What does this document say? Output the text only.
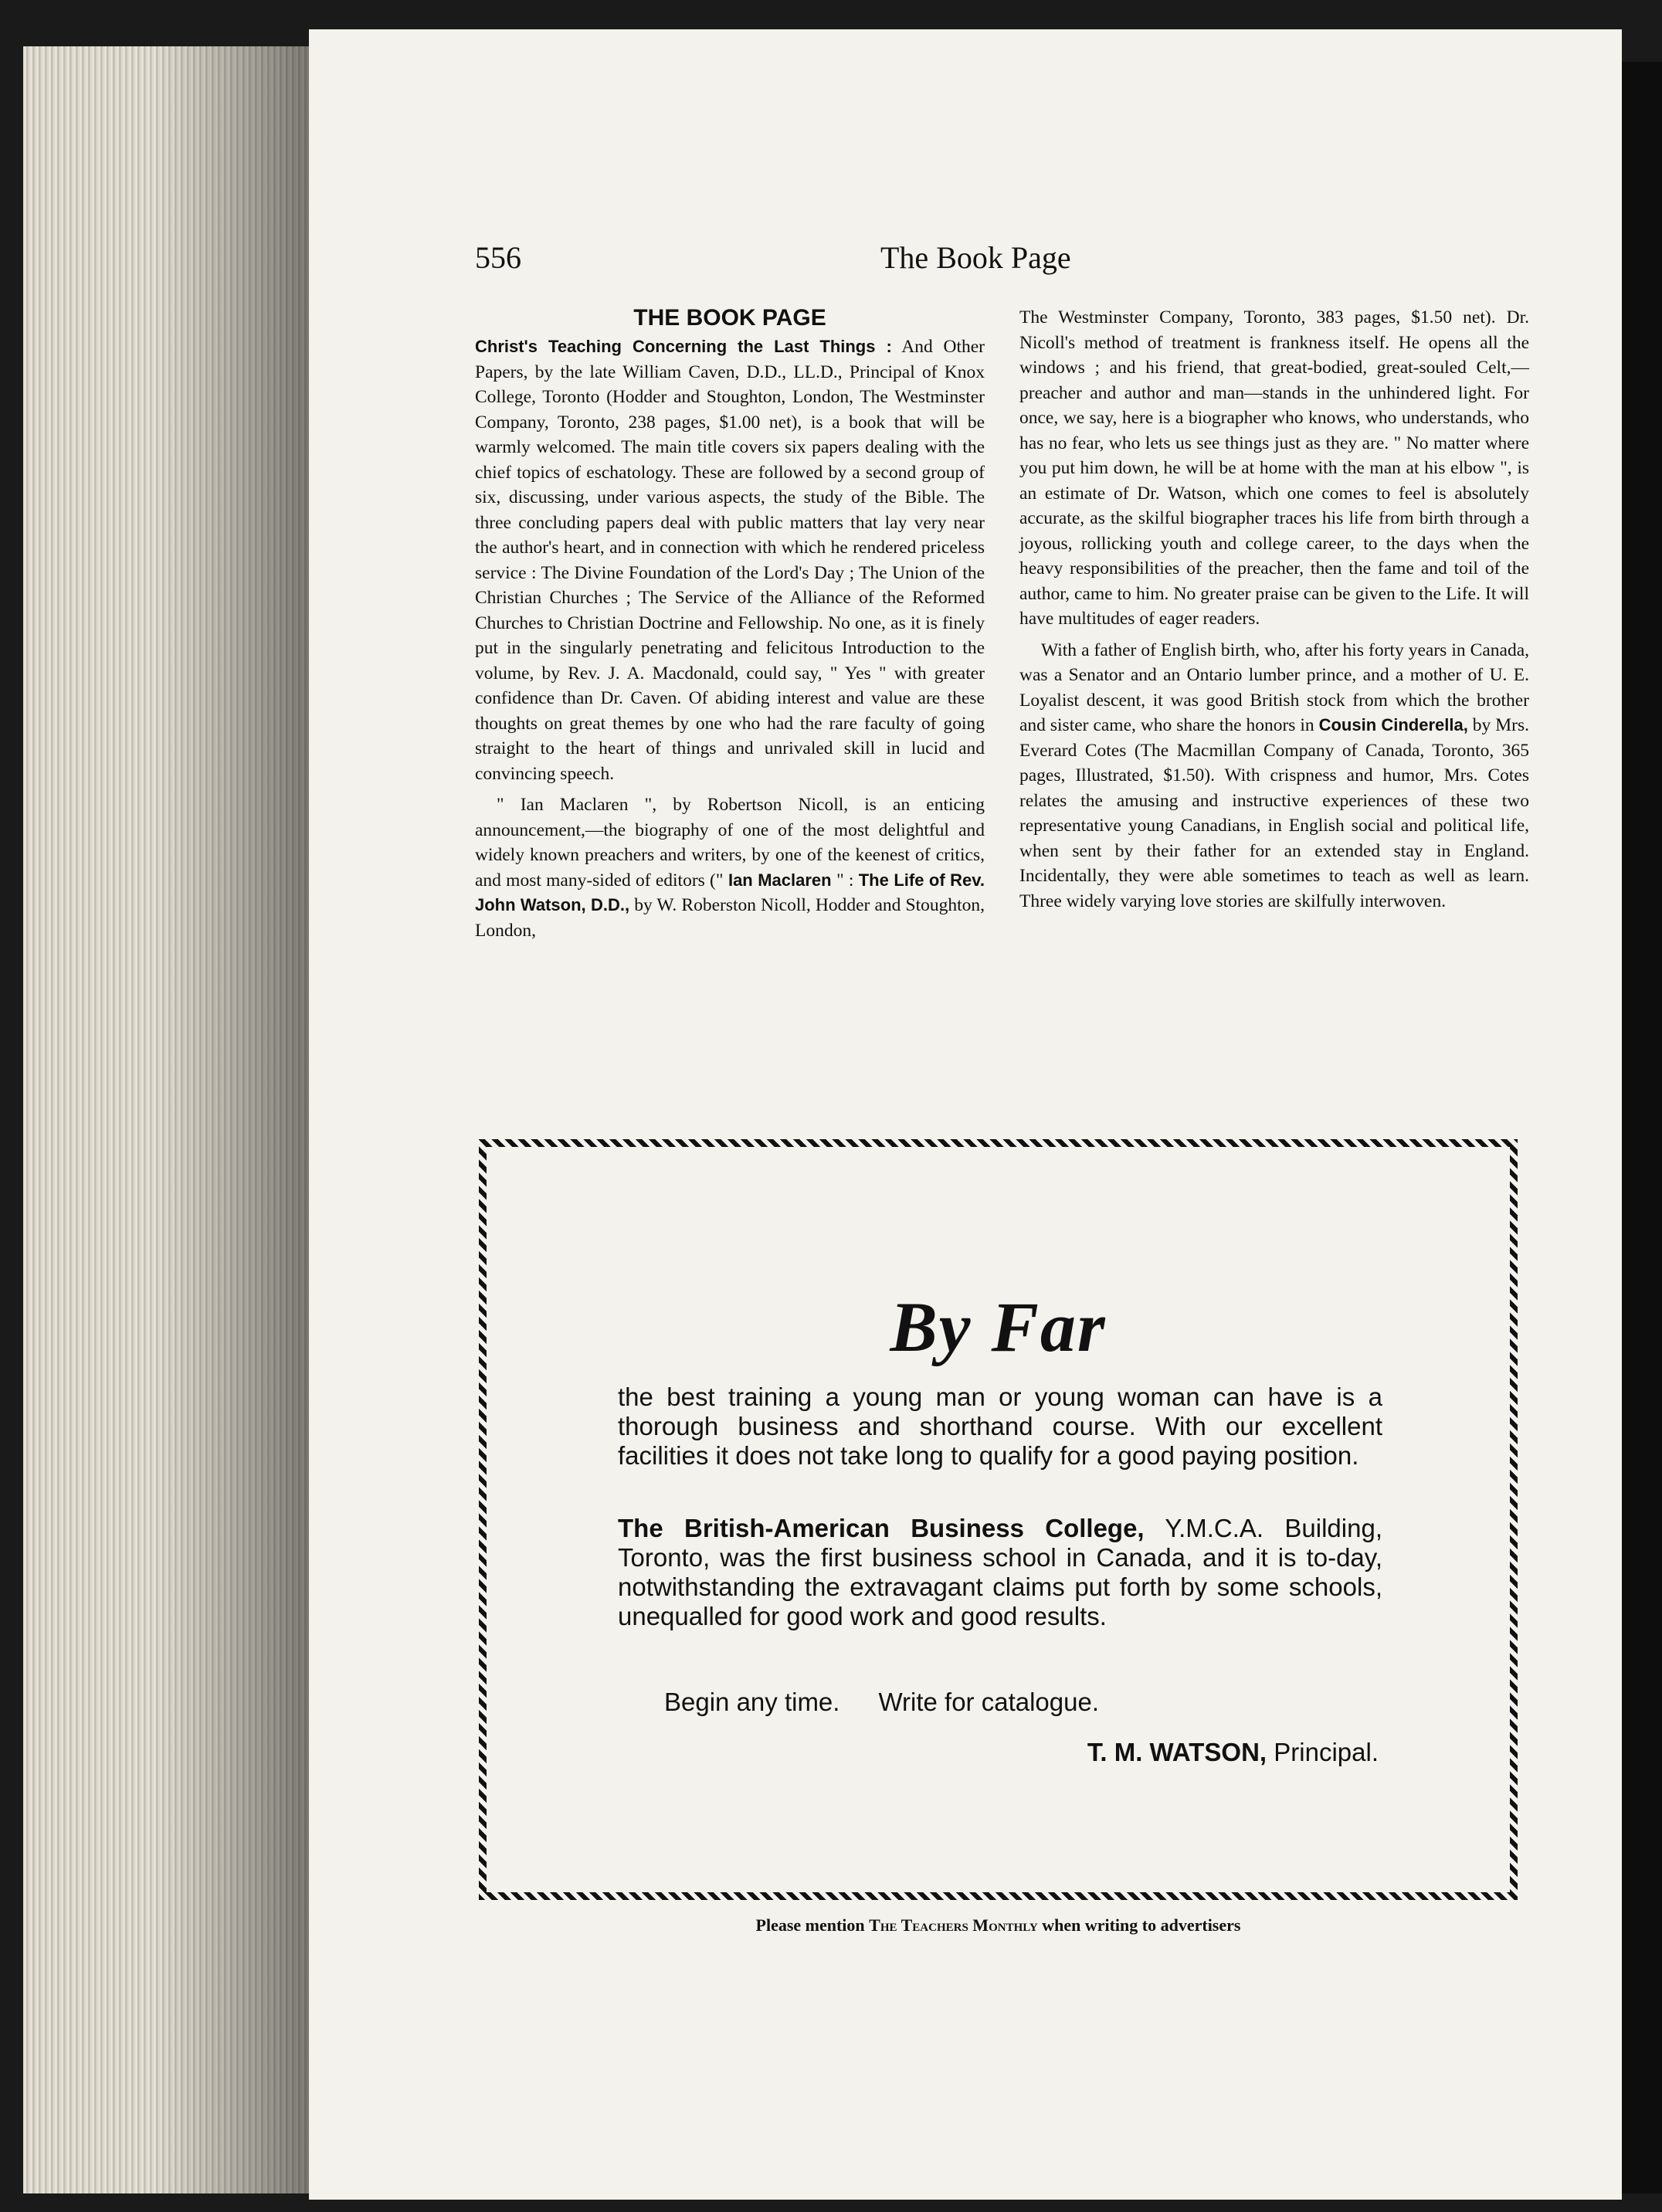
556	The Book Page
THE BOOK PAGE

Christ's Teaching Concerning the Last Things : And Other Papers, by the late William Caven, D.D., LL.D., Principal of Knox College, Toronto (Hodder and Stoughton, London, The Westminster Company, Toronto, 238 pages, $1.00 net), is a book that will be warmly welcomed. The main title covers six papers dealing with the chief topics of eschatology. These are followed by a second group of six, discussing, under various aspects, the study of the Bible. The three concluding papers deal with public matters that lay very near the author's heart, and in connection with which he rendered priceless service : The Divine Foundation of the Lord's Day ; The Union of the Christian Churches ; The Service of the Alliance of the Reformed Churches to Christian Doctrine and Fellowship. No one, as it is finely put in the singularly penetrating and felicitous Introduction to the volume, by Rev. J. A. Macdonald, could say, " Yes " with greater confidence than Dr. Caven. Of abiding interest and value are these thoughts on great themes by one who had the rare faculty of going straight to the heart of things and unrivaled skill in lucid and convincing speech.

" Ian Maclaren ", by Robertson Nicoll, is an enticing announcement,—the biography of one of the most delightful and widely known preachers and writers, by one of the keenest of critics, and most many-sided of editors (" Ian Maclaren " : The Life of Rev. John Watson, D.D., by W. Roberston Nicoll, Hodder and Stoughton, London,

The Westminster Company, Toronto, 383 pages, $1.50 net). Dr. Nicoll's method of treatment is frankness itself. He opens all the windows ; and his friend, that great-bodied, great-souled Celt,—preacher and author and man—stands in the unhindered light. For once, we say, here is a biographer who knows, who understands, who has no fear, who lets us see things just as they are. " No matter where you put him down, he will be at home with the man at his elbow ", is an estimate of Dr. Watson, which one comes to feel is absolutely accurate, as the skilful biographer traces his life from birth through a joyous, rollicking youth and college career, to the days when the heavy responsibilities of the preacher, then the fame and toil of the author, came to him. No greater praise can be given to the Life. It will have multitudes of eager readers.

With a father of English birth, who, after his forty years in Canada, was a Senator and an Ontario lumber prince, and a mother of U. E. Loyalist descent, it was good British stock from which the brother and sister came, who share the honors in Cousin Cinderella, by Mrs. Everard Cotes (The Macmillan Company of Canada, Toronto, 365 pages, Illustrated, $1.50). With crispness and humor, Mrs. Cotes relates the amusing and instructive experiences of these two representative young Canadians, in English social and political life, when sent by their father for an extended stay in England. Incidentally, they were able sometimes to teach as well as learn. Three widely varying love stories are skilfully interwoven.

By Far
the best training a young man or young woman can have is a thorough business and shorthand course. With our excellent facilities it does not take long to qualify for a good paying position.
The British-American Business College, Y.M.C.A. Building, Toronto, was the first business school in Canada, and it is to-day, notwithstanding the extravagant claims put forth by some schools, unequalled for good work and good results.
Begin any time. Write for catalogue.
T. M. WATSON, Principal.
Please mention The Teachers Monthly when writing to advertisers
